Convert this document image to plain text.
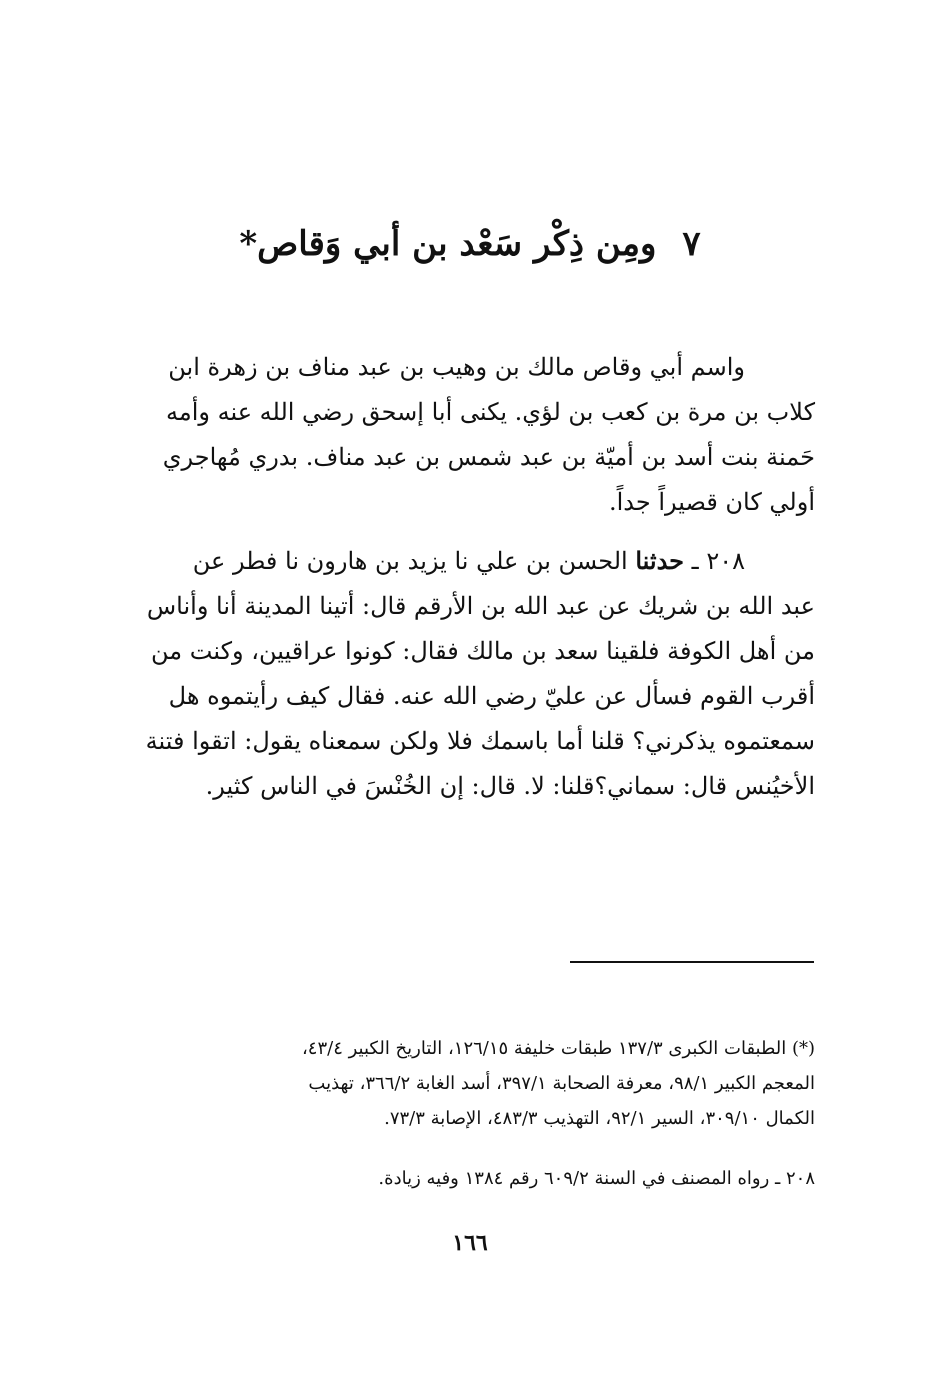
٧ومِن ذِكْر سَعْد بن أبي وَقاص*

واسم أبي وقاص مالك بن وهيب بن عبد مناف بن زهرة ابن
كلاب بن مرة بن كعب بن لؤي. يكنى أبا إسحق رضي الله عنه وأمه
حَمنة بنت أسد بن أميّة بن عبد شمس بن عبد مناف. بدري مُهاجري
أولي كان قصيراً جداً.

٢٠٨ ـ حدثنا الحسن بن علي نا يزيد بن هارون نا فطر عن
عبد الله بن شريك عن عبد الله بن الأرقم قال: أتينا المدينة أنا وأناس
من أهل الكوفة فلقينا سعد بن مالك فقال: كونوا عراقيين، وكنت من
أقرب القوم فسأل عن عليّ رضي الله عنه. فقال كيف رأيتموه هل
سمعتموه يذكرني؟ قلنا أما باسمك فلا ولكن سمعناه يقول: اتقوا فتنة
الأخيُنس قال: سماني؟قلنا: لا. قال: إن الخُنْسَ في الناس كثير.

(*) الطبقات الكبرى ١٣٧/٣ طبقات خليفة ١٢٦/١٥، التاريخ الكبير ٤٣/٤،
المعجم الكبير ٩٨/١، معرفة الصحابة ٣٩٧/١، أسد الغابة ٣٦٦/٢، تهذيب
الكمال ٣٠٩/١٠، السير ٩٢/١، التهذيب ٤٨٣/٣، الإصابة ٧٣/٣.

٢٠٨ ـ رواه المصنف في السنة ٦٠٩/٢ رقم ١٣٨٤ وفيه زيادة.

١٦٦
